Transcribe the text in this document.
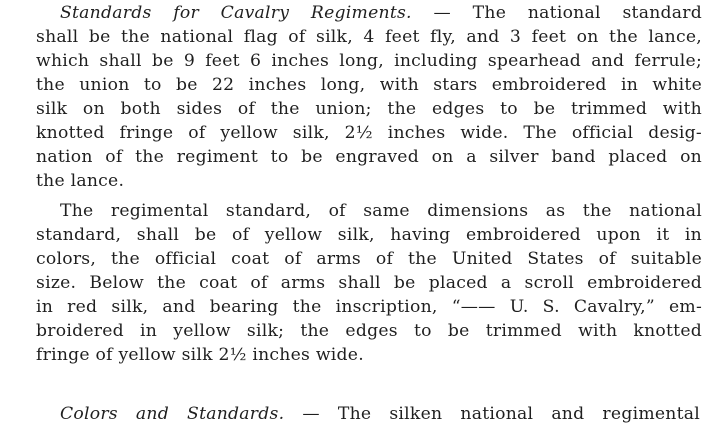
Standards for Cavalry Regiments. — The national standard
shall be the national flag of silk, 4 feet fly, and 3 feet on the lance,
which shall be 9 feet 6 inches long, including spearhead and ferrule;
the union to be 22 inches long, with stars embroidered in white
silk on both sides of the union; the edges to be trimmed with
knotted fringe of yellow silk, 2½ inches wide. The official desig-
nation of the regiment to be engraved on a silver band placed on
the lance.
The regimental standard, of same dimensions as the national
standard, shall be of yellow silk, having embroidered upon it in
colors, the official coat of arms of the United States of suitable
size. Below the coat of arms shall be placed a scroll embroidered
in red silk, and bearing the inscription, “—— U. S. Cavalry,” em-
broidered in yellow silk; the edges to be trimmed with knotted
fringe of yellow silk 2½ inches wide.
Colors and Standards. — The silken national and regimental
